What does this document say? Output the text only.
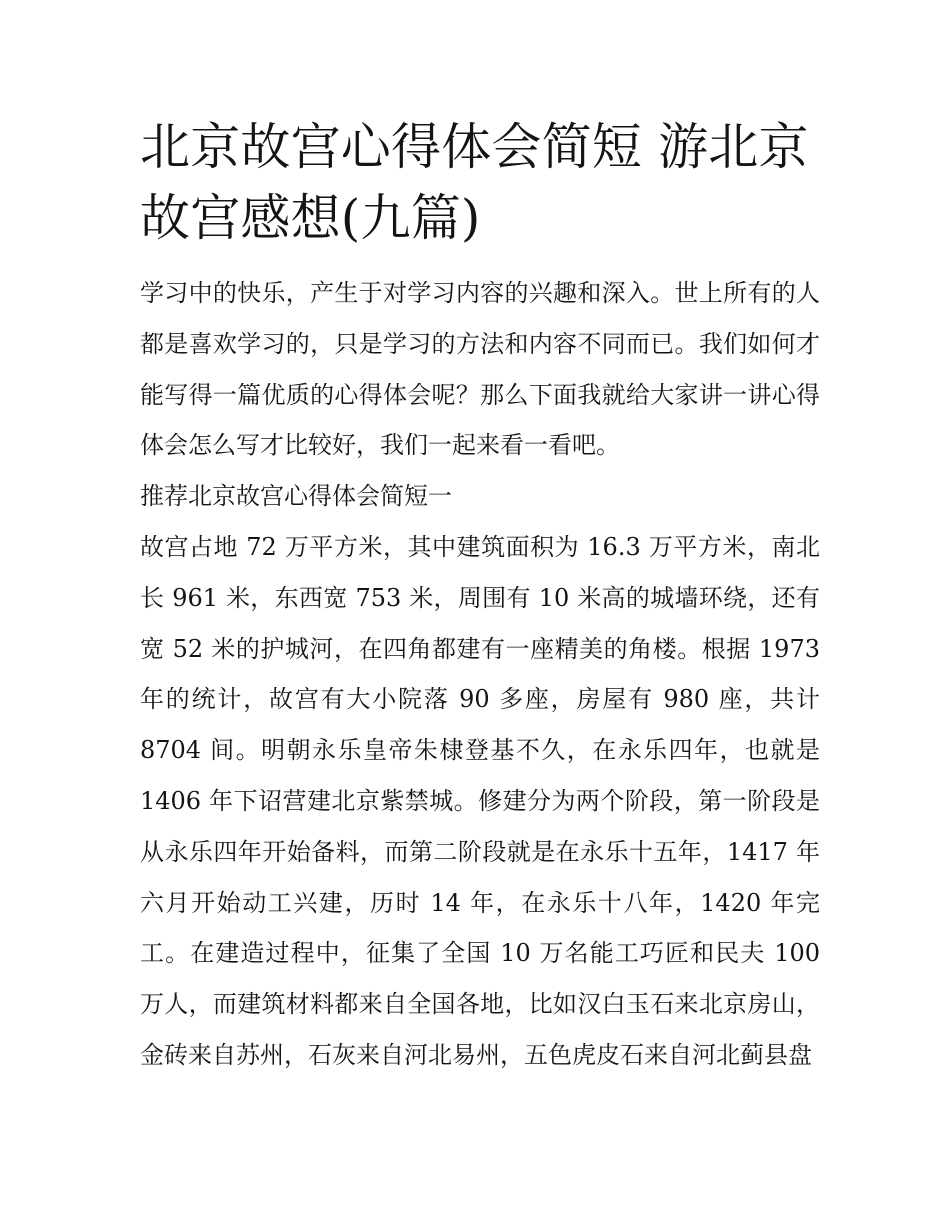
北京故宫心得体会简短 游北京故宫感想(九篇)

学习中的快乐，产生于对学习内容的兴趣和深入。世上所有的人都是喜欢学习的，只是学习的方法和内容不同而已。我们如何才能写得一篇优质的心得体会呢？那么下面我就给大家讲一讲心得体会怎么写才比较好，我们一起来看一看吧。

推荐北京故宫心得体会简短一

故宫占地 72 万平方米，其中建筑面积为 16.3 万平方米，南北长 961 米，东西宽 753 米，周围有 10 米高的城墙环绕，还有宽 52 米的护城河，在四角都建有一座精美的角楼。根据 1973 年的统计，故宫有大小院落 90 多座，房屋有 980 座，共计 8704 间。明朝永乐皇帝朱棣登基不久，在永乐四年，也就是 1406 年下诏营建北京紫禁城。修建分为两个阶段，第一阶段是从永乐四年开始备料，而第二阶段就是在永乐十五年，1417 年六月开始动工兴建，历时 14 年，在永乐十八年，1420 年完工。在建造过程中，征集了全国 10 万名能工巧匠和民夫 100 万人，而建筑材料都来自全国各地，比如汉白玉石来北京房山，金砖来自苏州，石灰来自河北易州，五色虎皮石来自河北蓟县盘
